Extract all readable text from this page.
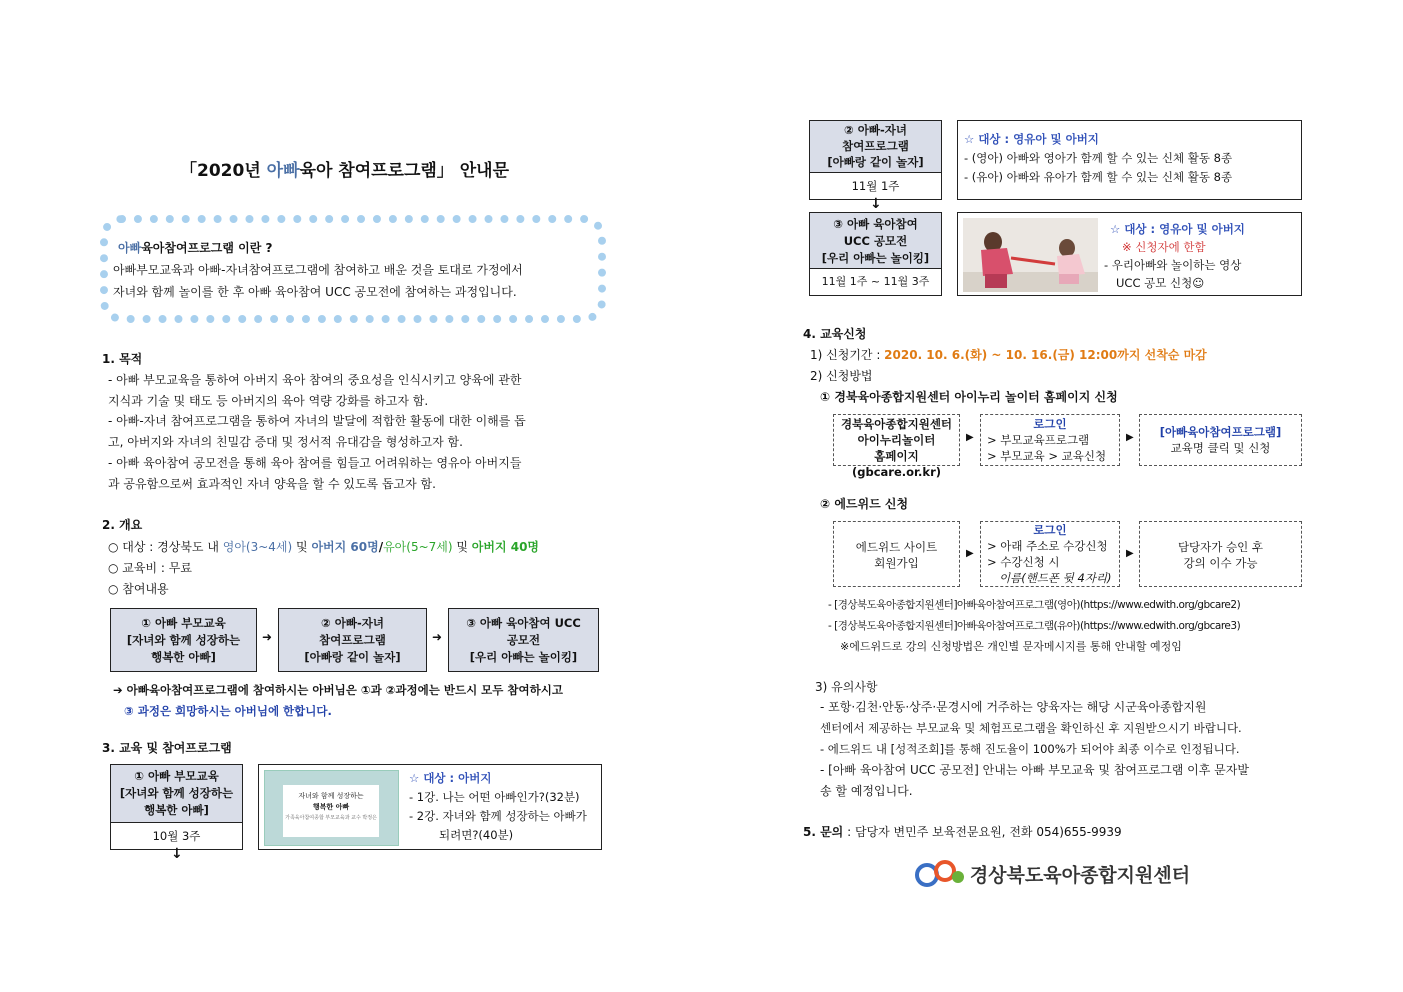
「2020년 아빠육아 참여프로그램」 안내문
아빠육아참여프로그램 이란 ?
아빠부모교육과 아빠-자녀참여프로그램에 참여하고 배운 것을 토대로 가정에서
자녀와 함께 놀이를 한 후 아빠 육아참여 UCC 공모전에 참여하는 과정입니다.
1. 목적
- 아빠 부모교육을 통하여 아버지 육아 참여의 중요성을 인식시키고 양육에 관한
지식과 기술 및 태도 등 아버지의 육아 역량 강화를 하고자 함.
- 아빠-자녀 참여프로그램을 통하여 자녀의 발달에 적합한 활동에 대한 이해를 돕
고, 아버지와 자녀의 친밀감 증대 및 정서적 유대감을 형성하고자 함.
- 아빠 육아참여 공모전을 통해 육아 참여를 힘들고 어려워하는 영유아 아버지들
과 공유함으로써 효과적인 자녀 양육을 할 수 있도록 돕고자 함.
2. 개요
○ 대상 : 경상북도 내 영아(3~4세) 및 아버지 60명/유아(5~7세) 및 아버지 40명
○ 교육비 : 무료
○ 참여내용
① 아빠 부모교육
[자녀와 함께 성장하는
행복한 아빠]
➜
② 아빠-자녀
참여프로그램
[아빠랑 같이 놀자]
➜
③ 아빠 육아참여 UCC
공모전
[우리 아빠는 놀이킹]
➔ 아빠육아참여프로그램에 참여하시는 아버님은 ①과 ②과정에는 반드시 모두 참여하시고
③ 과정은 희망하시는 아버님에 한합니다.
3. 교육 및 참여프로그램
① 아빠 부모교육
[자녀와 함께 성장하는
행복한 아빠]
10월 3주
↓
자녀와 함께 성장하는
행복한 아빠
가족육아참여종합 부모교육과 교수 박정은
☆ 대상 : 아버지
- 1강. 나는 어떤 아빠인가?(32분)
- 2강. 자녀와 함께 성장하는 아빠가
되려면?(40분)
② 아빠-자녀
참여프로그램
[아빠랑 같이 놀자]
11월 1주
↓
☆ 대상 : 영유아 및 아버지
- (영아) 아빠와 영아가 함께 할 수 있는 신체 활동 8종
- (유아) 아빠와 유아가 함께 할 수 있는 신체 활동 8종
③ 아빠 육아참여
UCC 공모전
[우리 아빠는 놀이킹]
11월 1주 ~ 11월 3주
☆ 대상 : 영유아 및 아버지
※ 신청자에 한함
- 우리아빠와 놀이하는 영상
UCC 공모 신청☺
4. 교육신청
1) 신청기간 : 2020. 10. 6.(화) ~ 10. 16.(금) 12:00까지 선착순 마감
2) 신청방법
① 경북육아종합지원센터 아이누리 놀이터 홈페이지 신청
경북육아종합지원센터
아이누리놀이터
홈페이지(gbcare.or.kr)
▶
로그인
> 부모교육프로그램
> 부모교육 > 교육신청
▶	[아빠육아참여프로그램]
교육명 클릭 및 신청
② 에드위드 신청
에드위드 사이트
회원가입
▶
로그인
> 아래 주소로 수강신청
> 수강신청 시
이름(핸드폰 뒷 4자리)
▶	담당자가 승인 후
강의 이수 가능
- [경상북도육아종합지원센터]아빠육아참여프로그램(영아)(https://www.edwith.org/gbcare2)
- [경상북도육아종합지원센터]아빠육아참여프로그램(유아)(https://www.edwith.org/gbcare3)
※에드위드로 강의 신청방법은 개인별 문자메시지를 통해 안내할 예정임
3) 유의사항
- 포항·김천·안동·상주·문경시에 거주하는 양육자는 해당 시군육아종합지원
센터에서 제공하는 부모교육 및 체험프로그램을 확인하신 후 지원받으시기 바랍니다.
- 에드위드 내 [성적조회]를 통해 진도율이 100%가 되어야 최종 이수로 인정됩니다.
- [아빠 육아참여 UCC 공모전] 안내는 아빠 부모교육 및 참여프로그램 이후 문자발
송 할 예정입니다.
5. 문의 : 담당자 변민주 보육전문요원, 전화 054)655-9939
경상북도육아종합지원센터
